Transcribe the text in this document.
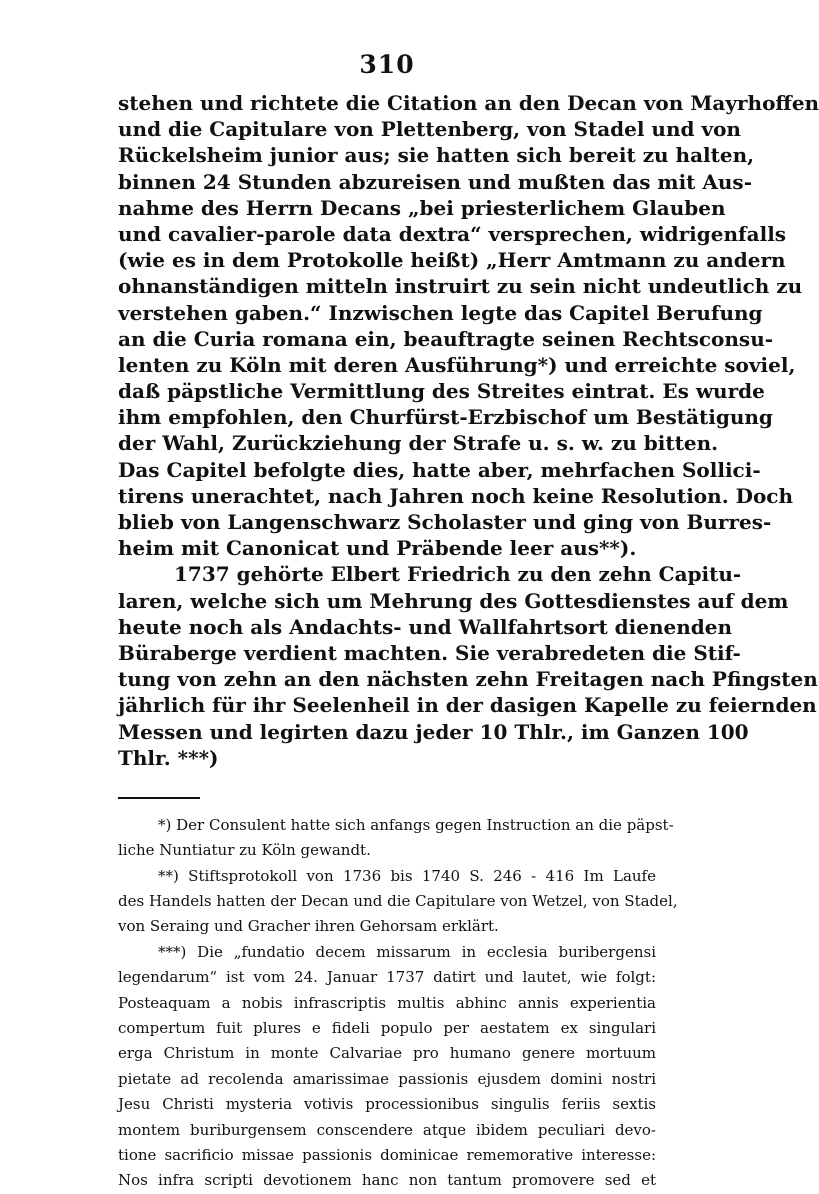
310
stehen und richtete die Citation an den Decan von Mayrhoffen
und die Capitulare von Plettenberg, von Stadel und von
Rückelsheim junior aus; sie hatten sich bereit zu halten,
binnen 24 Stunden abzureisen und mußten das mit Aus-
nahme des Herrn Decans „bei priesterlichem Glauben
und cavalier-parole data dextra“ versprechen, widrigenfalls
(wie es in dem Protokolle heißt) „Herr Amtmann zu andern
ohnanständigen mitteln instruirt zu sein nicht undeutlich zu
verstehen gaben.“ Inzwischen legte das Capitel Berufung
an die Curia romana ein, beauftragte seinen Rechtsconsu-
lenten zu Köln mit deren Ausführung*) und erreichte soviel,
daß päpstliche Vermittlung des Streites eintrat. Es wurde
ihm empfohlen, den Churfürst-Erzbischof um Bestätigung
der Wahl, Zurückziehung der Strafe u. s. w. zu bitten.
Das Capitel befolgte dies, hatte aber, mehrfachen Sollici-
tirens unerachtet, nach Jahren noch keine Resolution. Doch
blieb von Langenschwarz Scholaster und ging von Burres-
heim mit Canonicat und Präbende leer aus**).
1737 gehörte Elbert Friedrich zu den zehn Capitu-
laren, welche sich um Mehrung des Gottesdienstes auf dem
heute noch als Andachts- und Wallfahrtsort dienenden
Büraberge verdient machten. Sie verabredeten die Stif-
tung von zehn an den nächsten zehn Freitagen nach Pfingsten
jährlich für ihr Seelenheil in der dasigen Kapelle zu feiernden
Messen und legirten dazu jeder 10 Thlr., im Ganzen 100
Thlr. ***)
*) Der Consulent hatte sich anfangs gegen Instruction an die päpst-
liche Nuntiatur zu Köln gewandt.
**) Stiftsprotokoll von 1736 bis 1740 S. 246 - 416 Im Laufe
des Handels hatten der Decan und die Capitulare von Wetzel, von Stadel,
von Seraing und Gracher ihren Gehorsam erklärt.
***) Die „fundatio decem missarum in ecclesia buribergensi
legendarum“ ist vom 24. Januar 1737 datirt und lautet, wie folgt:
Posteaquam a nobis infrascriptis multis abhinc annis experientia
compertum fuit plures e fideli populo per aestatem ex singulari
erga Christum in monte Calvariae pro humano genere mortuum
pietate ad recolenda amarissimae passionis ejusdem domini nostri
Jesu Christi mysteria votivis processionibus singulis feriis sextis
montem buriburgensem conscendere atque ibidem peculiari devo-
tione sacrificio missae passionis dominicae rememorative interesse:
Nos infra scripti devotionem hanc non tantum promovere sed et
